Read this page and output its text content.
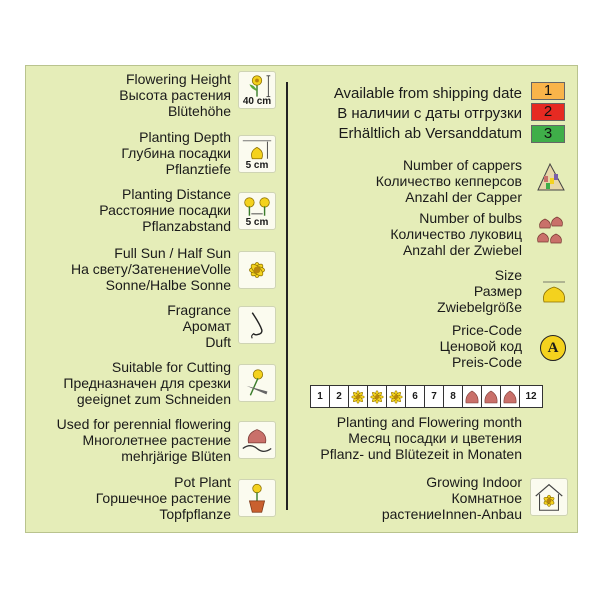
Flowering Height
Высота растения
Blütehöhe
40 cm
Planting Depth
Глубина посадки
Pflanztiefe	5 cm
Planting Distance
Расстояние посадки
Pflanzabstand	5 cm
Full Sun / Half Sun
На свету/ЗатенениеVolle
Sonne/Halbe Sonne
Fragrance
Аромат
Duft
Suitable for Cutting
Предназначен для срезки
geeignet zum Schneiden
Used for perennial flowering
Многолетнее растение
mehrjärige Blüten
Pot Plant
Горшечное растение
Topfpflanze
Available from shipping date
В наличии с даты отгрузки
Erhältlich ab Versanddatum
1
2
3
Number of cappers
Количество кепперсов
Anzahl der Capper
Number of bulbs
Количество луковиц
Anzahl der Zwiebel
Size
Размер
Zwiebelgröße
Price-Code
Ценовой код
Preis-Code
A
1	2	6	7	8	12
Planting and Flowering month
Месяц посадки и цветения
Pflanz- und Blütezeit in Monaten
Growing Indoor
Комнатное
растениеInnen-Anbau
